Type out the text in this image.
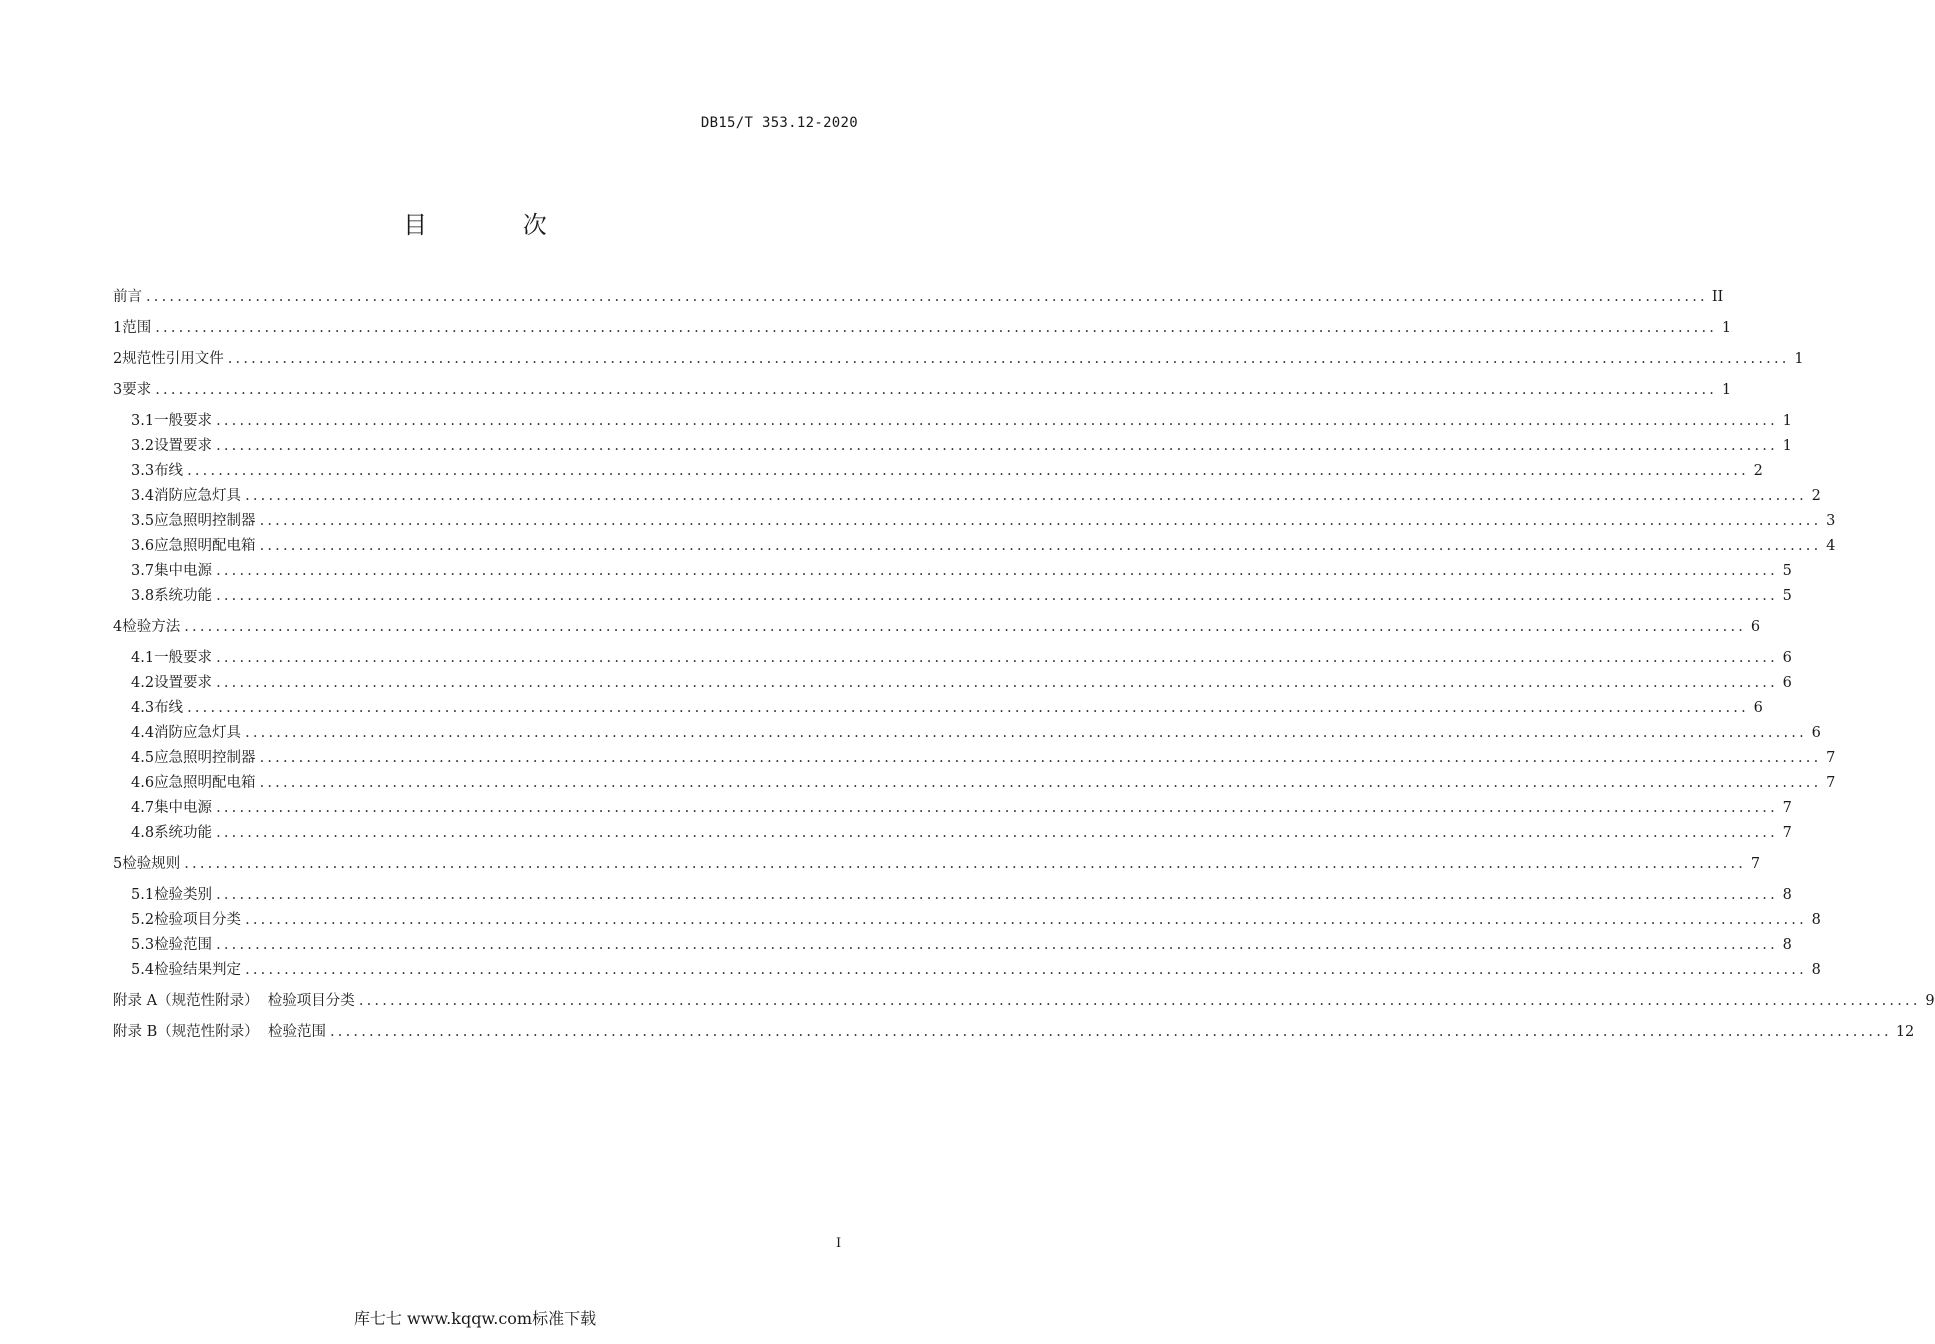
DB15/T 353.12-2020
目 次
前言 ........................................................................................................................................................................................................ II
1 范围 ........................................................................................................................................................................................................ 1
2 规范性引用文件 ........................................................................................................................................................................................................ 1
3 要求 ........................................................................................................................................................................................................ 1
3.1 一般要求 ........................................................................................................................................................................................................ 1
3.2 设置要求 ........................................................................................................................................................................................................ 1
3.3 布线 ........................................................................................................................................................................................................ 2
3.4 消防应急灯具 ........................................................................................................................................................................................................ 2
3.5 应急照明控制器 ........................................................................................................................................................................................................ 3
3.6 应急照明配电箱 ........................................................................................................................................................................................................ 4
3.7 集中电源 ........................................................................................................................................................................................................ 5
3.8 系统功能 ........................................................................................................................................................................................................ 5
4 检验方法 ........................................................................................................................................................................................................ 6
4.1 一般要求 ........................................................................................................................................................................................................ 6
4.2 设置要求 ........................................................................................................................................................................................................ 6
4.3 布线 ........................................................................................................................................................................................................ 6
4.4 消防应急灯具 ........................................................................................................................................................................................................ 6
4.5 应急照明控制器 ........................................................................................................................................................................................................ 7
4.6 应急照明配电箱 ........................................................................................................................................................................................................ 7
4.7 集中电源 ........................................................................................................................................................................................................ 7
4.8 系统功能 ........................................................................................................................................................................................................ 7
5 检验规则 ........................................................................................................................................................................................................ 7
5.1 检验类别 ........................................................................................................................................................................................................ 8
5.2 检验项目分类 ........................................................................................................................................................................................................ 8
5.3 检验范围 ........................................................................................................................................................................................................ 8
5.4 检验结果判定 ........................................................................................................................................................................................................ 8
附录 A（规范性附录）  检验项目分类 ........................................................................................................................................................................................................ 9
附录 B（规范性附录）  检验范围 ........................................................................................................................................................................................................ 12
I
库七七 www.kqqw.com标准下载
